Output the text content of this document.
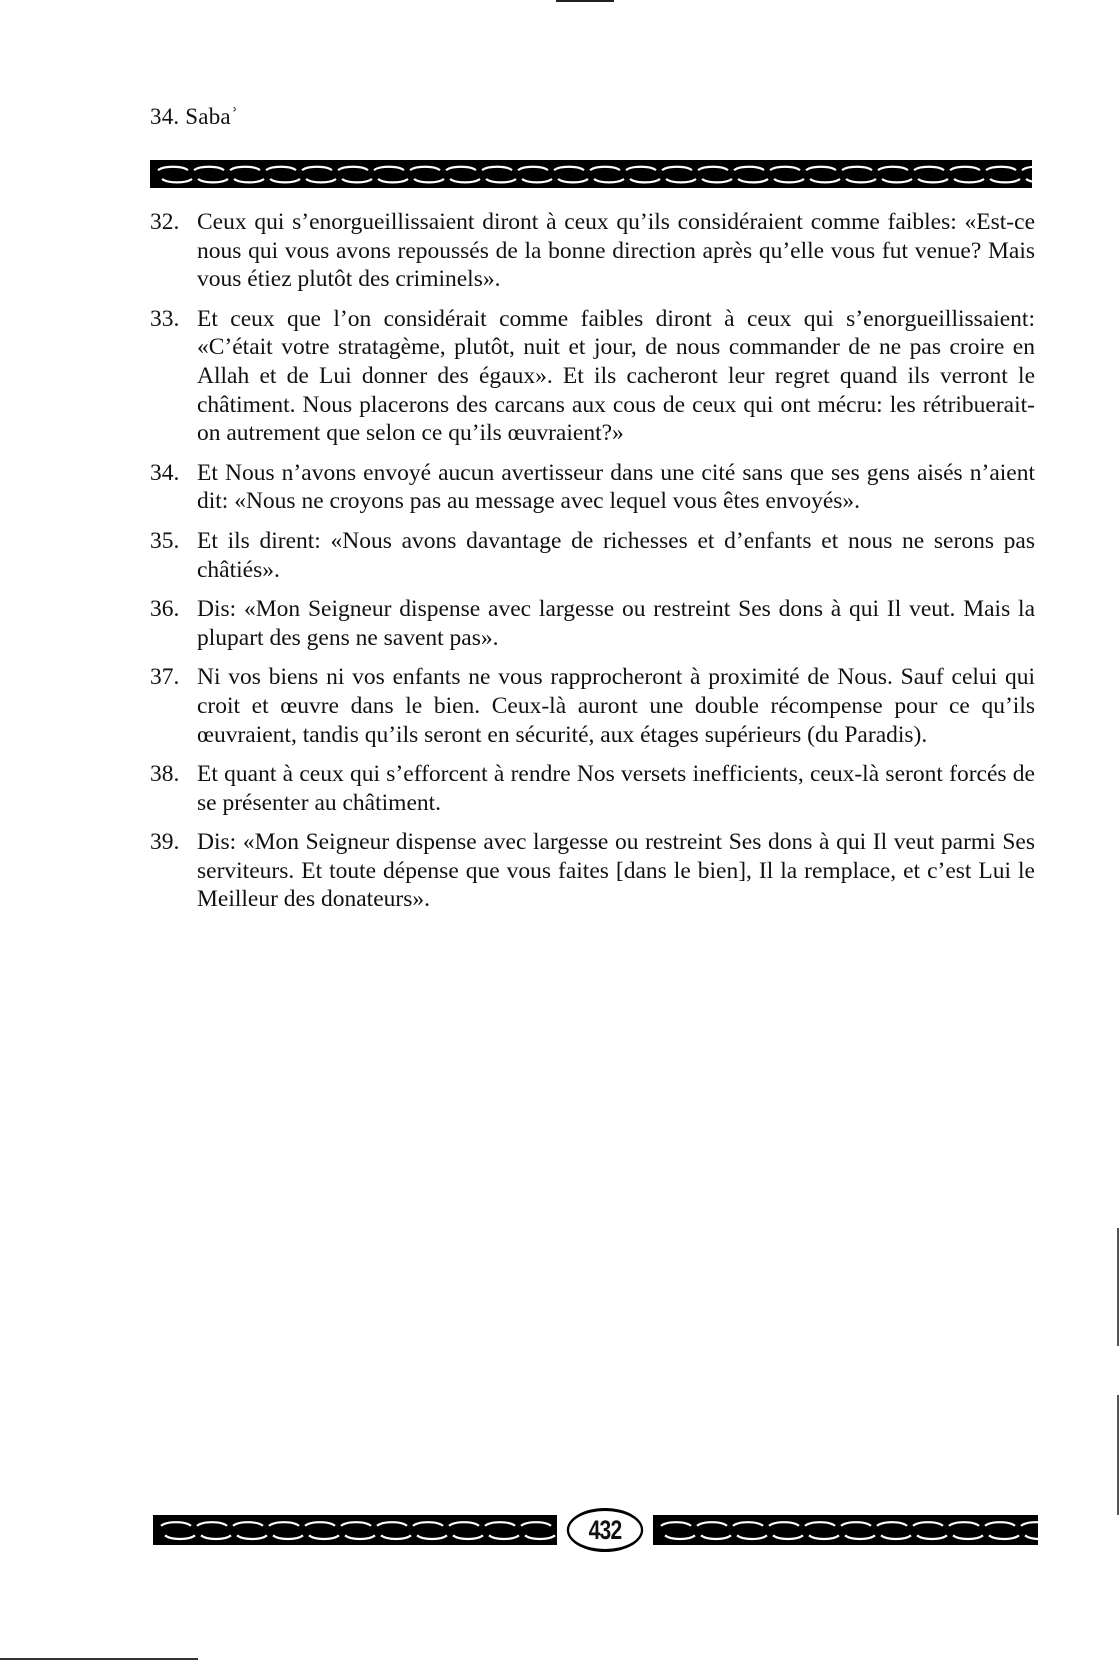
34. Sabaʾ
32. Ceux qui s’enorgueillissaient diront à ceux qu’ils considéraient comme faibles: «Est-ce nous qui vous avons repoussés de la bonne direction après qu’elle vous fut venue? Mais vous étiez plutôt des criminels».
33. Et ceux que l’on considérait comme faibles diront à ceux qui s’enorgueillissaient: «C’était votre stratagème, plutôt, nuit et jour, de nous commander de ne pas croire en Allah et de Lui donner des égaux». Et ils cacheront leur regret quand ils verront le châtiment. Nous placerons des carcans aux cous de ceux qui ont mécru: les rétribuerait-on autrement que selon ce qu’ils œuvraient?»
34. Et Nous n’avons envoyé aucun avertisseur dans une cité sans que ses gens aisés n’aient dit: «Nous ne croyons pas au message avec lequel vous êtes envoyés».
35. Et ils dirent: «Nous avons davantage de richesses et d’enfants et nous ne serons pas châtiés».
36. Dis: «Mon Seigneur dispense avec largesse ou restreint Ses dons à qui Il veut. Mais la plupart des gens ne savent pas».
37. Ni vos biens ni vos enfants ne vous rapprocheront à proximité de Nous. Sauf celui qui croit et œuvre dans le bien. Ceux-là auront une double récompense pour ce qu’ils œuvraient, tandis qu’ils seront en sécurité, aux étages supérieurs (du Paradis).
38. Et quant à ceux qui s’efforcent à rendre Nos versets inefficients, ceux-là seront forcés de se présenter au châtiment.
39. Dis: «Mon Seigneur dispense avec largesse ou restreint Ses dons à qui Il veut parmi Ses serviteurs. Et toute dépense que vous faites [dans le bien], Il la remplace, et c’est Lui le Meilleur des donateurs».
432
